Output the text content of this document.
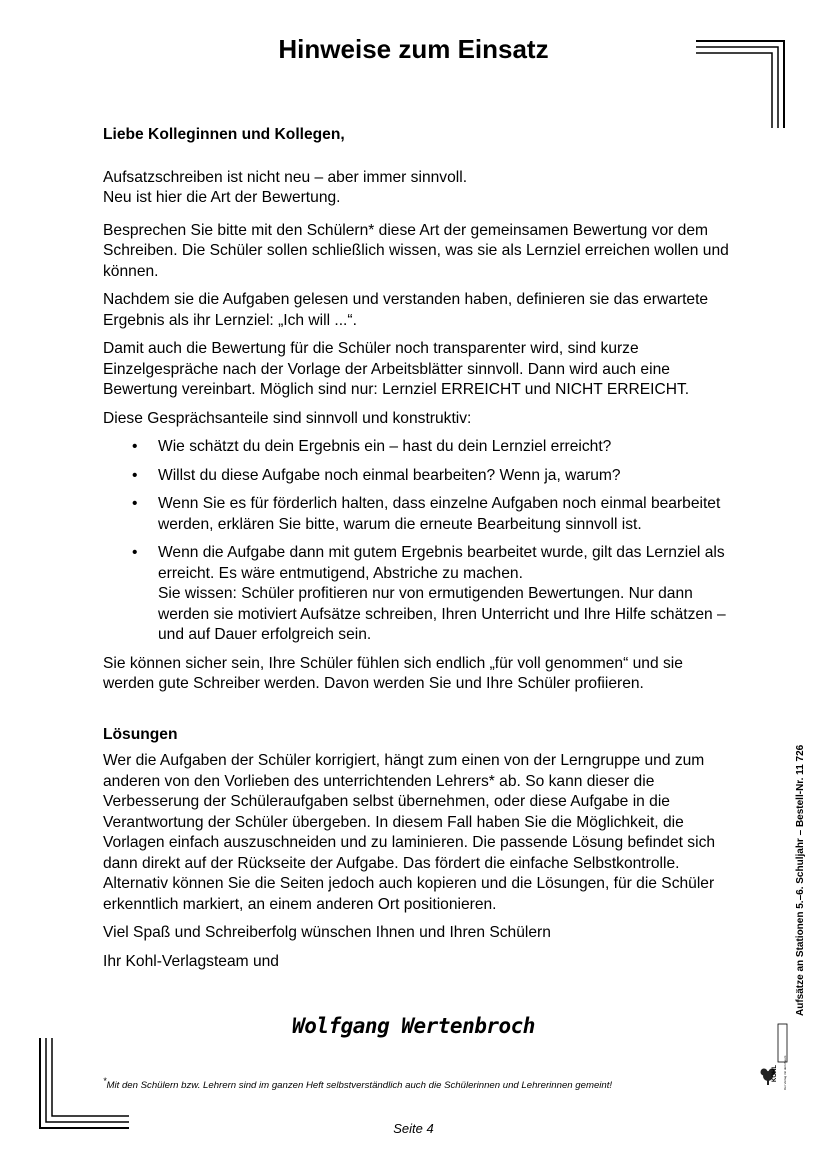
Hinweise zum Einsatz

Liebe Kolleginnen und Kollegen,

Aufsatzschreiben ist nicht neu – aber immer sinnvoll.
Neu ist hier die Art der Bewertung.

Besprechen Sie bitte mit den Schülern* diese Art der gemeinsamen Bewertung vor dem Schreiben. Die Schüler sollen schließlich wissen, was sie als Lernziel erreichen wollen und können.

Nachdem sie die Aufgaben gelesen und verstanden haben, definieren sie das erwartete Ergebnis als ihr Lernziel: „Ich will ...“.

Damit auch die Bewertung für die Schüler noch transparenter wird, sind kurze Einzelgespräche nach der Vorlage der Arbeitsblätter sinnvoll. Dann wird auch eine Bewertung vereinbart. Möglich sind nur: Lernziel ERREICHT und NICHT ERREICHT.

Diese Gesprächsanteile sind sinnvoll und konstruktiv:

• Wie schätzt du dein Ergebnis ein – hast du dein Lernziel erreicht?
• Willst du diese Aufgabe noch einmal bearbeiten? Wenn ja, warum?
• Wenn Sie es für förderlich halten, dass einzelne Aufgaben noch einmal bearbeitet werden, erklären Sie bitte, warum die erneute Bearbeitung sinnvoll ist.
• Wenn die Aufgabe dann mit gutem Ergebnis bearbeitet wurde, gilt das Lernziel als erreicht. Es wäre entmutigend, Abstriche zu machen.
Sie wissen: Schüler profitieren nur von ermutigenden Bewertungen. Nur dann werden sie motiviert Aufsätze schreiben, Ihren Unterricht und Ihre Hilfe schätzen – und auf Dauer erfolgreich sein.

Sie können sicher sein, Ihre Schüler fühlen sich endlich „für voll genommen“ und sie werden gute Schreiber werden. Davon werden Sie und Ihre Schüler profiieren.

Lösungen

Wer die Aufgaben der Schüler korrigiert, hängt zum einen von der Lerngruppe und zum anderen von den Vorlieben des unterrichtenden Lehrers* ab. So kann dieser die Verbesserung der Schüleraufgaben selbst übernehmen, oder diese Aufgabe in die Verantwortung der Schüler übergeben. In diesem Fall haben Sie die Möglichkeit, die Vorlagen einfach auszuschneiden und zu laminieren. Die passende Lösung befindet sich dann direkt auf der Rückseite der Aufgabe. Das fördert die einfache Selbstkontrolle. Alternativ können Sie die Seiten jedoch auch kopieren und die Lösungen, für die Schüler erkenntlich markiert, an einem anderen Ort positionieren.

Viel Spaß und Schreiberfolg wünschen Ihnen und Ihren Schülern

Ihr Kohl-Verlagsteam und

Wolfgang Wertenbroch
*Mit den Schülern bzw. Lehrern sind im ganzen Heft selbstverständlich auch die Schülerinnen und Lehrerinnen gemeint!
Seite 4
Aufsätze an Stationen 5.–6. Schuljahr – Bestell-Nr. 11 726
KOHL Der Verlag mit dem Baum
